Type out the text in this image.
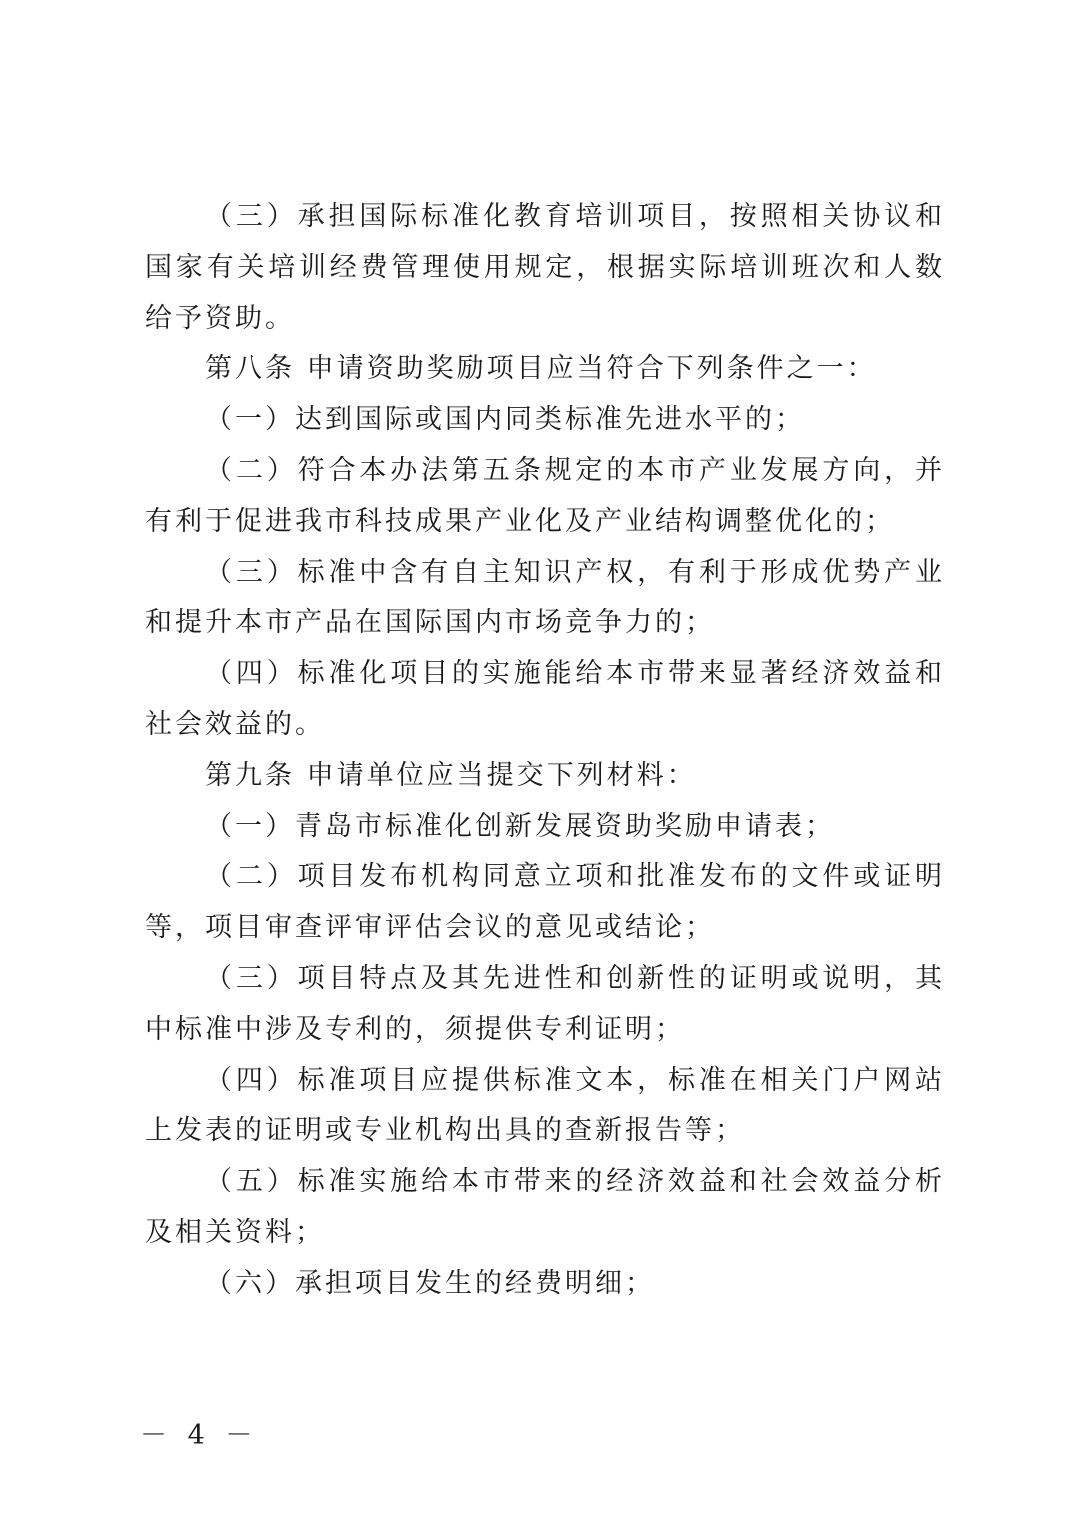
（三）承担国际标准化教育培训项目，按照相关协议和国家有关培训经费管理使用规定，根据实际培训班次和人数给予资助。

第八条 申请资助奖励项目应当符合下列条件之一：

（一）达到国际或国内同类标准先进水平的；

（二）符合本办法第五条规定的本市产业发展方向，并有利于促进我市科技成果产业化及产业结构调整优化的；

（三）标准中含有自主知识产权，有利于形成优势产业和提升本市产品在国际国内市场竞争力的；

（四）标准化项目的实施能给本市带来显著经济效益和社会效益的。

第九条 申请单位应当提交下列材料：

（一）青岛市标准化创新发展资助奖励申请表；

（二）项目发布机构同意立项和批准发布的文件或证明等，项目审查评审评估会议的意见或结论；

（三）项目特点及其先进性和创新性的证明或说明，其中标准中涉及专利的，须提供专利证明；

（四）标准项目应提供标准文本，标准在相关门户网站上发表的证明或专业机构出具的查新报告等；

（五）标准实施给本市带来的经济效益和社会效益分析及相关资料；

（六）承担项目发生的经费明细；

－ 4 －
